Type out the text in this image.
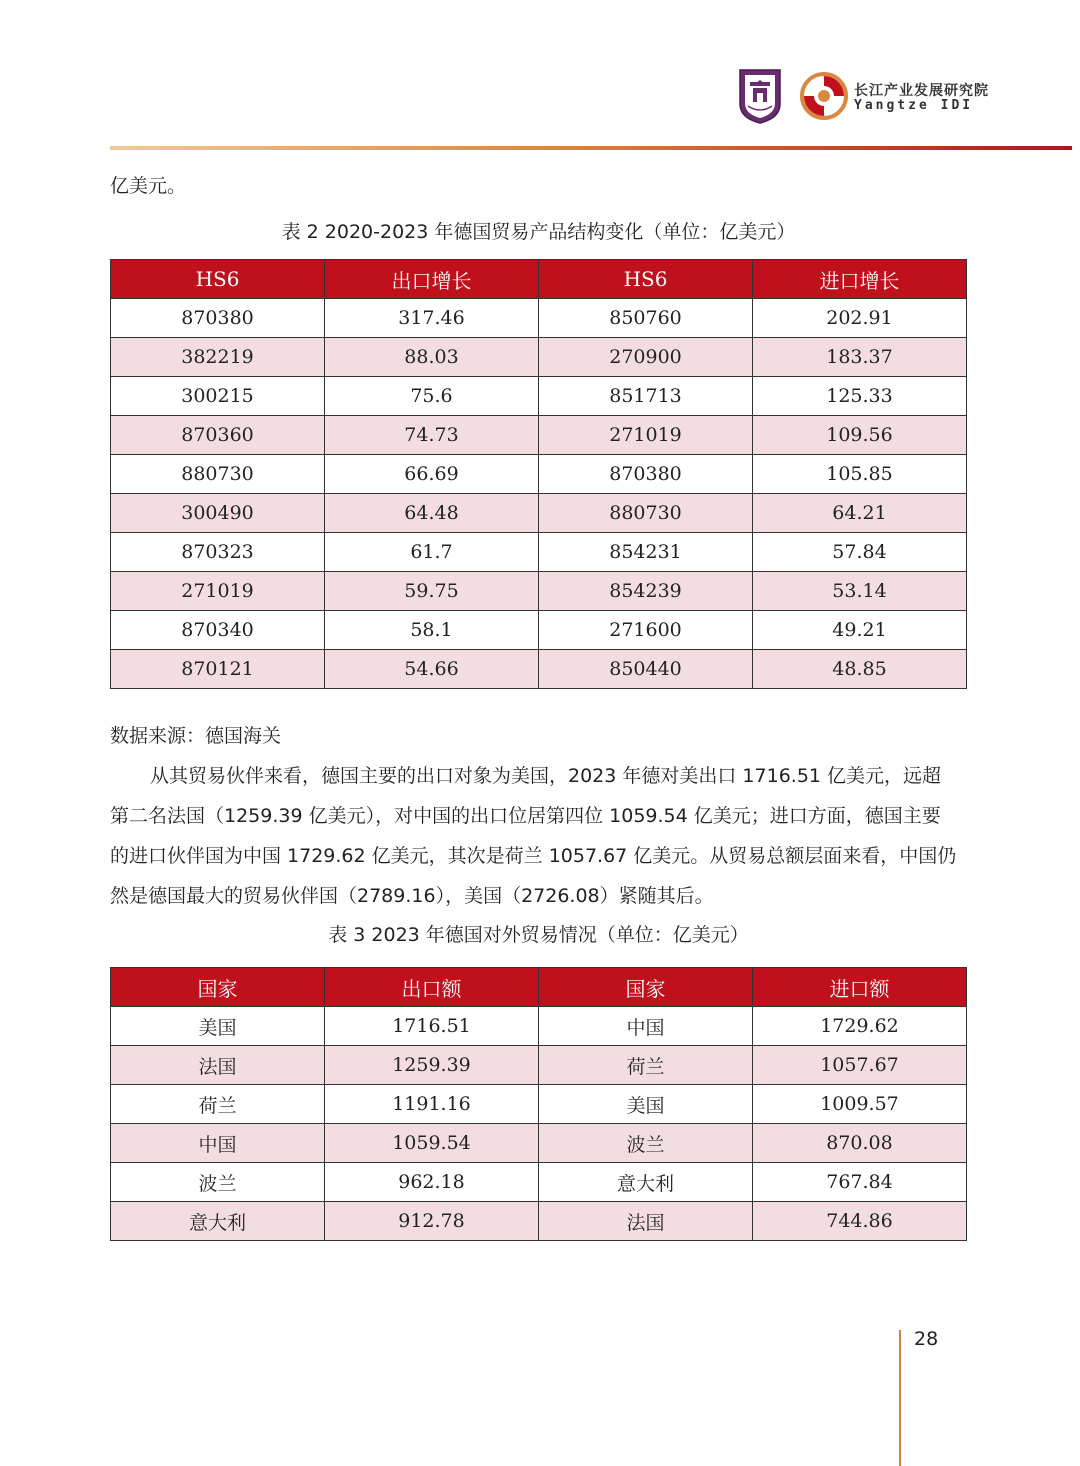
长江产业发展研究院
Yangtze IDI
亿美元。
表 2 2020-2023 年德国贸易产品结构变化（单位：亿美元）
HS6	出口增长	HS6	进口增长
870380	317.46	850760	202.91
382219	88.03	270900	183.37
300215	75.6	851713	125.33
870360	74.73	271019	109.56
880730	66.69	870380	105.85
300490	64.48	880730	64.21
870323	61.7	854231	57.84
271019	59.75	854239	53.14
870340	58.1	271600	49.21
870121	54.66	850440	48.85
数据来源：德国海关
从其贸易伙伴来看，德国主要的出口对象为美国，2023 年德对美出口 1716.51 亿美元，远超
第二名法国（1259.39 亿美元），对中国的出口位居第四位 1059.54 亿美元；进口方面，德国主要
的进口伙伴国为中国 1729.62 亿美元，其次是荷兰 1057.67 亿美元。从贸易总额层面来看，中国仍
然是德国最大的贸易伙伴国（2789.16），美国（2726.08）紧随其后。
表 3 2023 年德国对外贸易情况（单位：亿美元）
国家	出口额	国家	进口额
美国	1716.51	中国	1729.62
法国	1259.39	荷兰	1057.67
荷兰	1191.16	美国	1009.57
中国	1059.54	波兰	870.08
波兰	962.18	意大利	767.84
意大利	912.78	法国	744.86
28
